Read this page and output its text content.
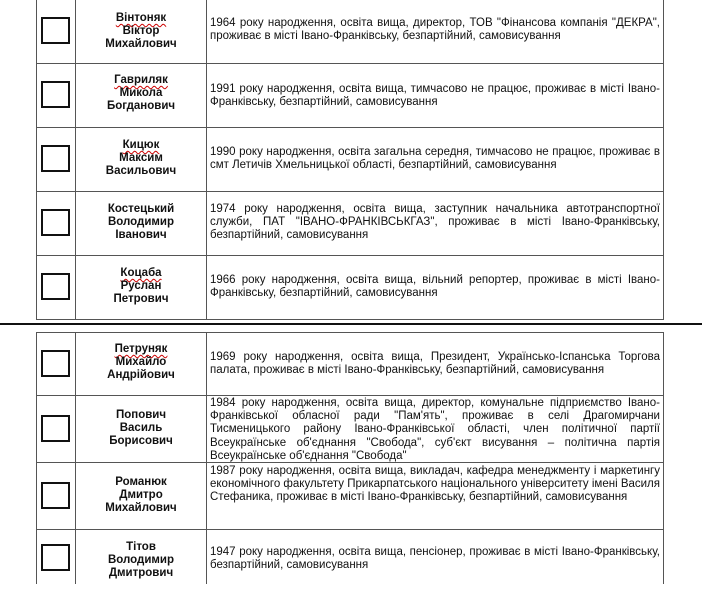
Вінтоняк
Віктор
Михайлович
1964 року народження, освіта вища, директор, ТОВ "Фінансова компанія "ДЕКРА", проживає в місті Івано-Франківську, безпартійний, самовисування
Гавриляк
Микола
Богданович
1991 року народження, освіта вища, тимчасово не працює, проживає в місті Івано-Франківську, безпартійний, самовисування
Кицюк
Максим
Васильович
1990 року народження, освіта загальна середня, тимчасово не працює, проживає в смт Летичів Хмельницької області, безпартійний, самовисування
Костецький
Володимир
Іванович
1974 року народження, освіта вища, заступник начальника автотранспортної служби, ПАТ "ІВАНО-ФРАНКІВСЬКГАЗ", проживає в місті Івано-Франківську, безпартійний, самовисування
Коцаба
Руслан
Петрович
1966 року народження, освіта вища, вільний репортер, проживає в місті Івано-Франківську, безпартійний, самовисування
Петруняк
Михайло
Андрійович
1969 року народження, освіта вища, Президент, Українсько-Іспанська Торгова палата, проживає в місті Івано-Франківську, безпартійний, самовисування
Попович
Василь
Борисович
1984 року народження, освіта вища, директор, комунальне підприємство Івано-Франківської обласної ради "Пам'ять", проживає в селі Драгомирчани Тисменицького району Івано-Франківської області, член політичної партії Всеукраїнське об'єднання "Свобода", суб'єкт висування – політична партія Всеукраїнське об'єднання "Свобода"
Романюк
Дмитро
Михайлович
1987 року народження, освіта вища, викладач, кафедра менеджменту і маркетингу економічного факультету Прикарпатського національного університету імені Василя Стефаника, проживає в місті Івано-Франківську, безпартійний, самовисування
Тітов
Володимир
Дмитрович
1947 року народження, освіта вища, пенсіонер, проживає в місті Івано-Франківську, безпартійний, самовисування
